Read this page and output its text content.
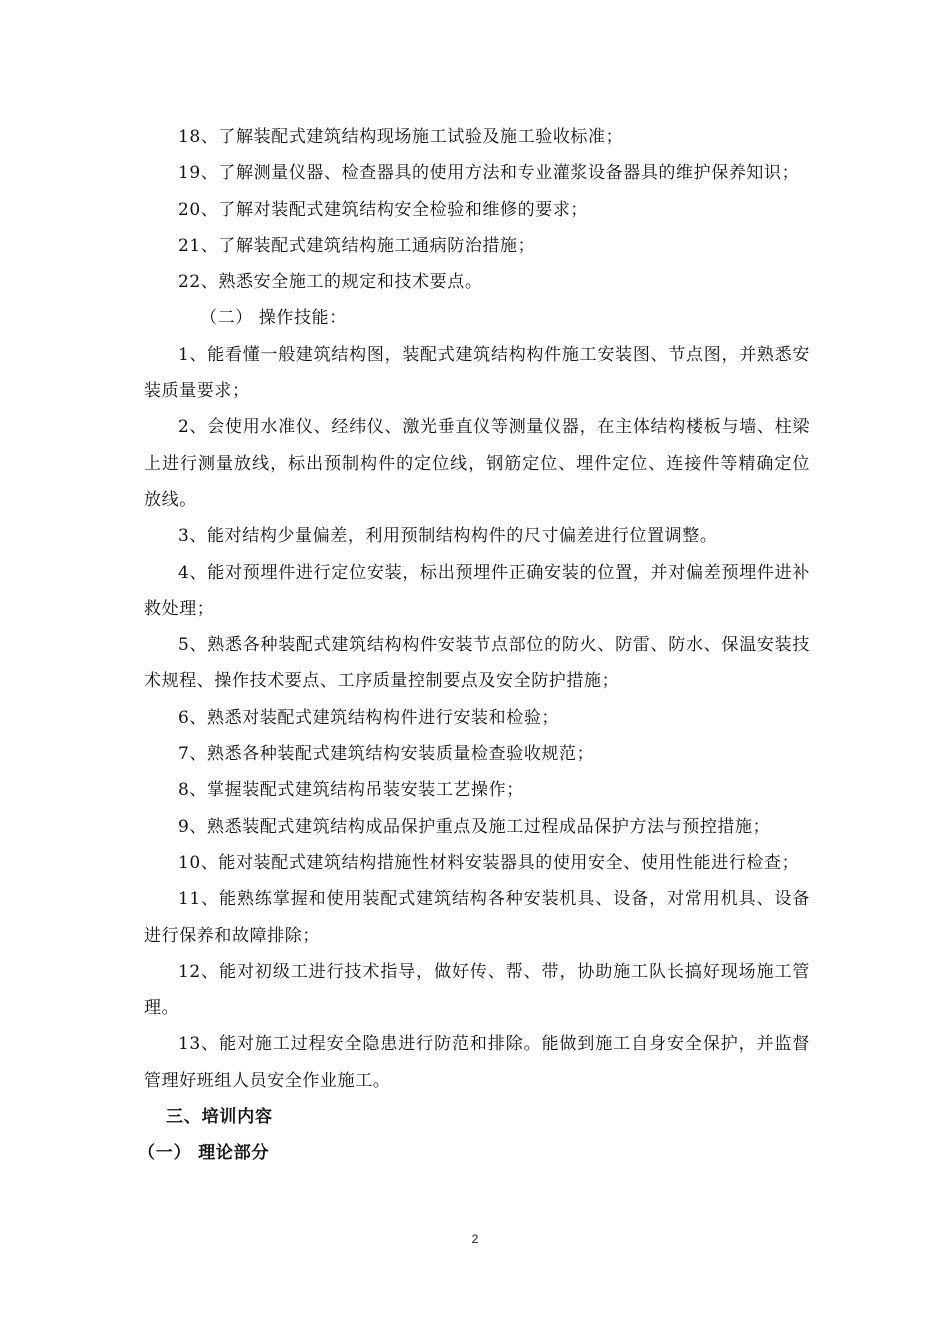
18、了解装配式建筑结构现场施工试验及施工验收标准；

19、了解测量仪器、检查器具的使用方法和专业灌浆设备器具的维护保养知识；

20、了解对装配式建筑结构安全检验和维修的要求；

21、了解装配式建筑结构施工通病防治措施；

22、熟悉安全施工的规定和技术要点。

（二） 操作技能：

1、能看懂一般建筑结构图，装配式建筑结构构件施工安装图、节点图，并熟悉安装质量要求；

2、会使用水准仪、经纬仪、激光垂直仪等测量仪器，在主体结构楼板与墙、柱梁上进行测量放线，标出预制构件的定位线，钢筋定位、埋件定位、连接件等精确定位放线。

3、能对结构少量偏差，利用预制结构构件的尺寸偏差进行位置调整。

4、能对预埋件进行定位安装，标出预埋件正确安装的位置，并对偏差预埋件进补救处理；

5、熟悉各种装配式建筑结构构件安装节点部位的防火、防雷、防水、保温安装技术规程、操作技术要点、工序质量控制要点及安全防护措施；

6、熟悉对装配式建筑结构构件进行安装和检验；

7、熟悉各种装配式建筑结构安装质量检查验收规范；

8、掌握装配式建筑结构吊装安装工艺操作；

9、熟悉装配式建筑结构成品保护重点及施工过程成品保护方法与预控措施；

10、能对装配式建筑结构措施性材料安装器具的使用安全、使用性能进行检查；

11、能熟练掌握和使用装配式建筑结构各种安装机具、设备，对常用机具、设备进行保养和故障排除；

12、能对初级工进行技术指导，做好传、帮、带，协助施工队长搞好现场施工管理。

13、能对施工过程安全隐患进行防范和排除。能做到施工自身安全保护，并监督管理好班组人员安全作业施工。

三、培训内容

（一） 理论部分

2
